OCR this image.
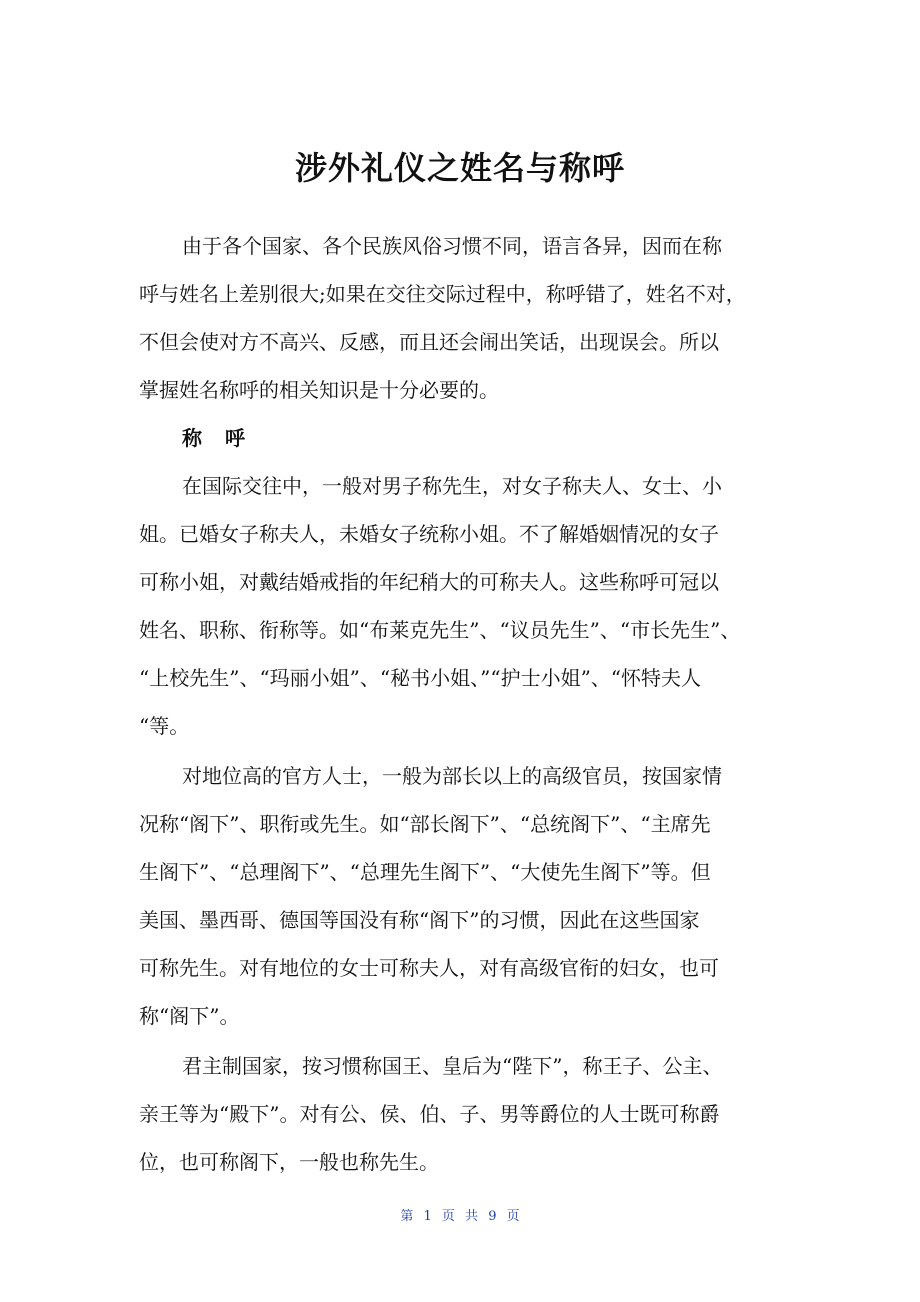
涉外礼仪之姓名与称呼
由于各个国家、各个民族风俗习惯不同，语言各异，因而在称
呼与姓名上差别很大;如果在交往交际过程中，称呼错了，姓名不对，
不但会使对方不高兴、反感，而且还会闹出笑话，出现误会。所以
掌握姓名称呼的相关知识是十分必要的。
称 呼
在国际交往中，一般对男子称先生，对女子称夫人、女士、小
姐。已婚女子称夫人，未婚女子统称小姐。不了解婚姻情况的女子
可称小姐，对戴结婚戒指的年纪稍大的可称夫人。这些称呼可冠以
姓名、职称、衔称等。如“布莱克先生”、“议员先生”、“市长先生”、
“上校先生”、“玛丽小姐”、“秘书小姐、”“护士小姐”、“怀特夫人
“等。
对地位高的官方人士，一般为部长以上的高级官员，按国家情
况称“阁下”、职衔或先生。如“部长阁下”、“总统阁下”、“主席先
生阁下”、“总理阁下”、“总理先生阁下”、“大使先生阁下”等。但
美国、墨西哥、德国等国没有称“阁下”的习惯，因此在这些国家
可称先生。对有地位的女士可称夫人，对有高级官衔的妇女，也可
称“阁下”。
君主制国家，按习惯称国王、皇后为“陛下”，称王子、公主、
亲王等为“殿下”。对有公、侯、伯、子、男等爵位的人士既可称爵
位，也可称阁下，一般也称先生。
第 1 页 共 9 页
